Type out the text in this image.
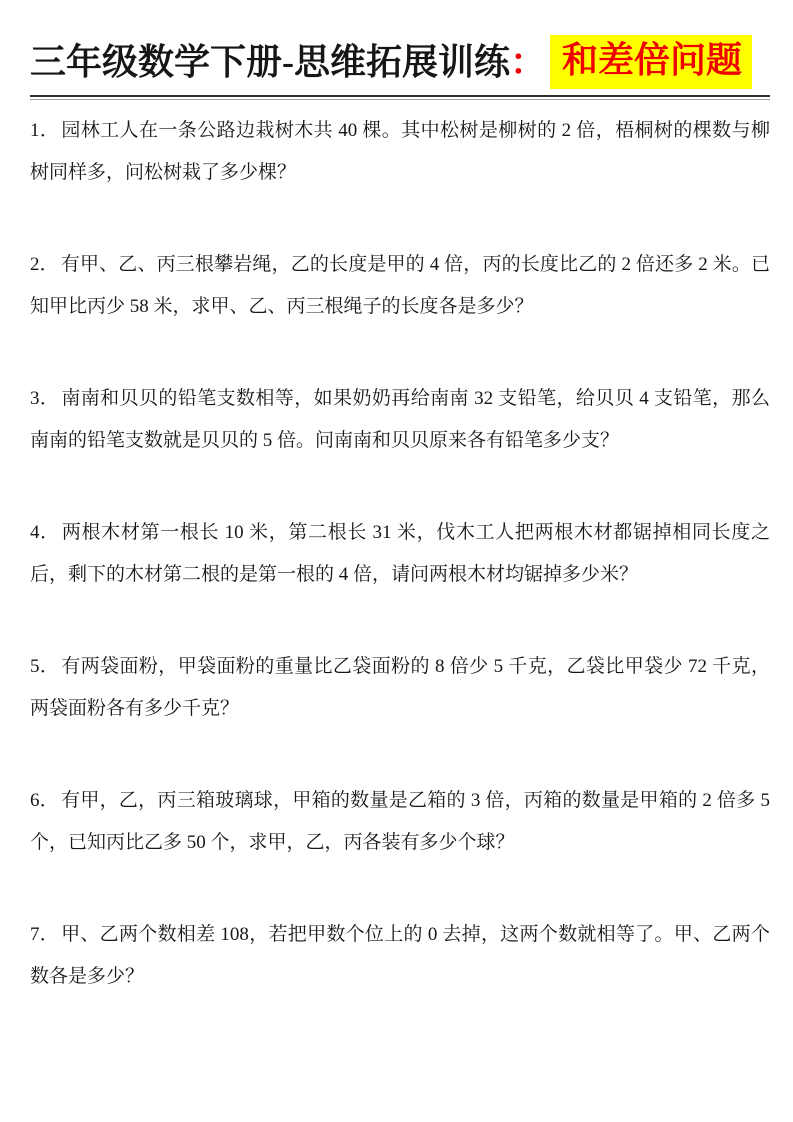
三年级数学下册-思维拓展训练： 和差倍问题

1． 园林工人在一条公路边栽树木共 40 棵。其中松树是柳树的 2 倍，梧桐树的棵数与柳树同样多，问松树栽了多少棵？

2． 有甲、乙、丙三根攀岩绳，乙的长度是甲的 4 倍，丙的长度比乙的 2 倍还多 2 米。已知甲比丙少 58 米，求甲、乙、丙三根绳子的长度各是多少？

3． 南南和贝贝的铅笔支数相等，如果奶奶再给南南 32 支铅笔，给贝贝 4 支铅笔，那么南南的铅笔支数就是贝贝的 5 倍。问南南和贝贝原来各有铅笔多少支？

4． 两根木材第一根长 10 米，第二根长 31 米，伐木工人把两根木材都锯掉相同长度之后，剩下的木材第二根的是第一根的 4 倍，请问两根木材均锯掉多少米？

5． 有两袋面粉，甲袋面粉的重量比乙袋面粉的 8 倍少 5 千克，乙袋比甲袋少 72 千克，两袋面粉各有多少千克？

6． 有甲，乙，丙三箱玻璃球，甲箱的数量是乙箱的 3 倍，丙箱的数量是甲箱的 2 倍多 5 个，已知丙比乙多 50 个，求甲，乙，丙各装有多少个球？

7． 甲、乙两个数相差 108，若把甲数个位上的 0 去掉，这两个数就相等了。甲、乙两个数各是多少？
